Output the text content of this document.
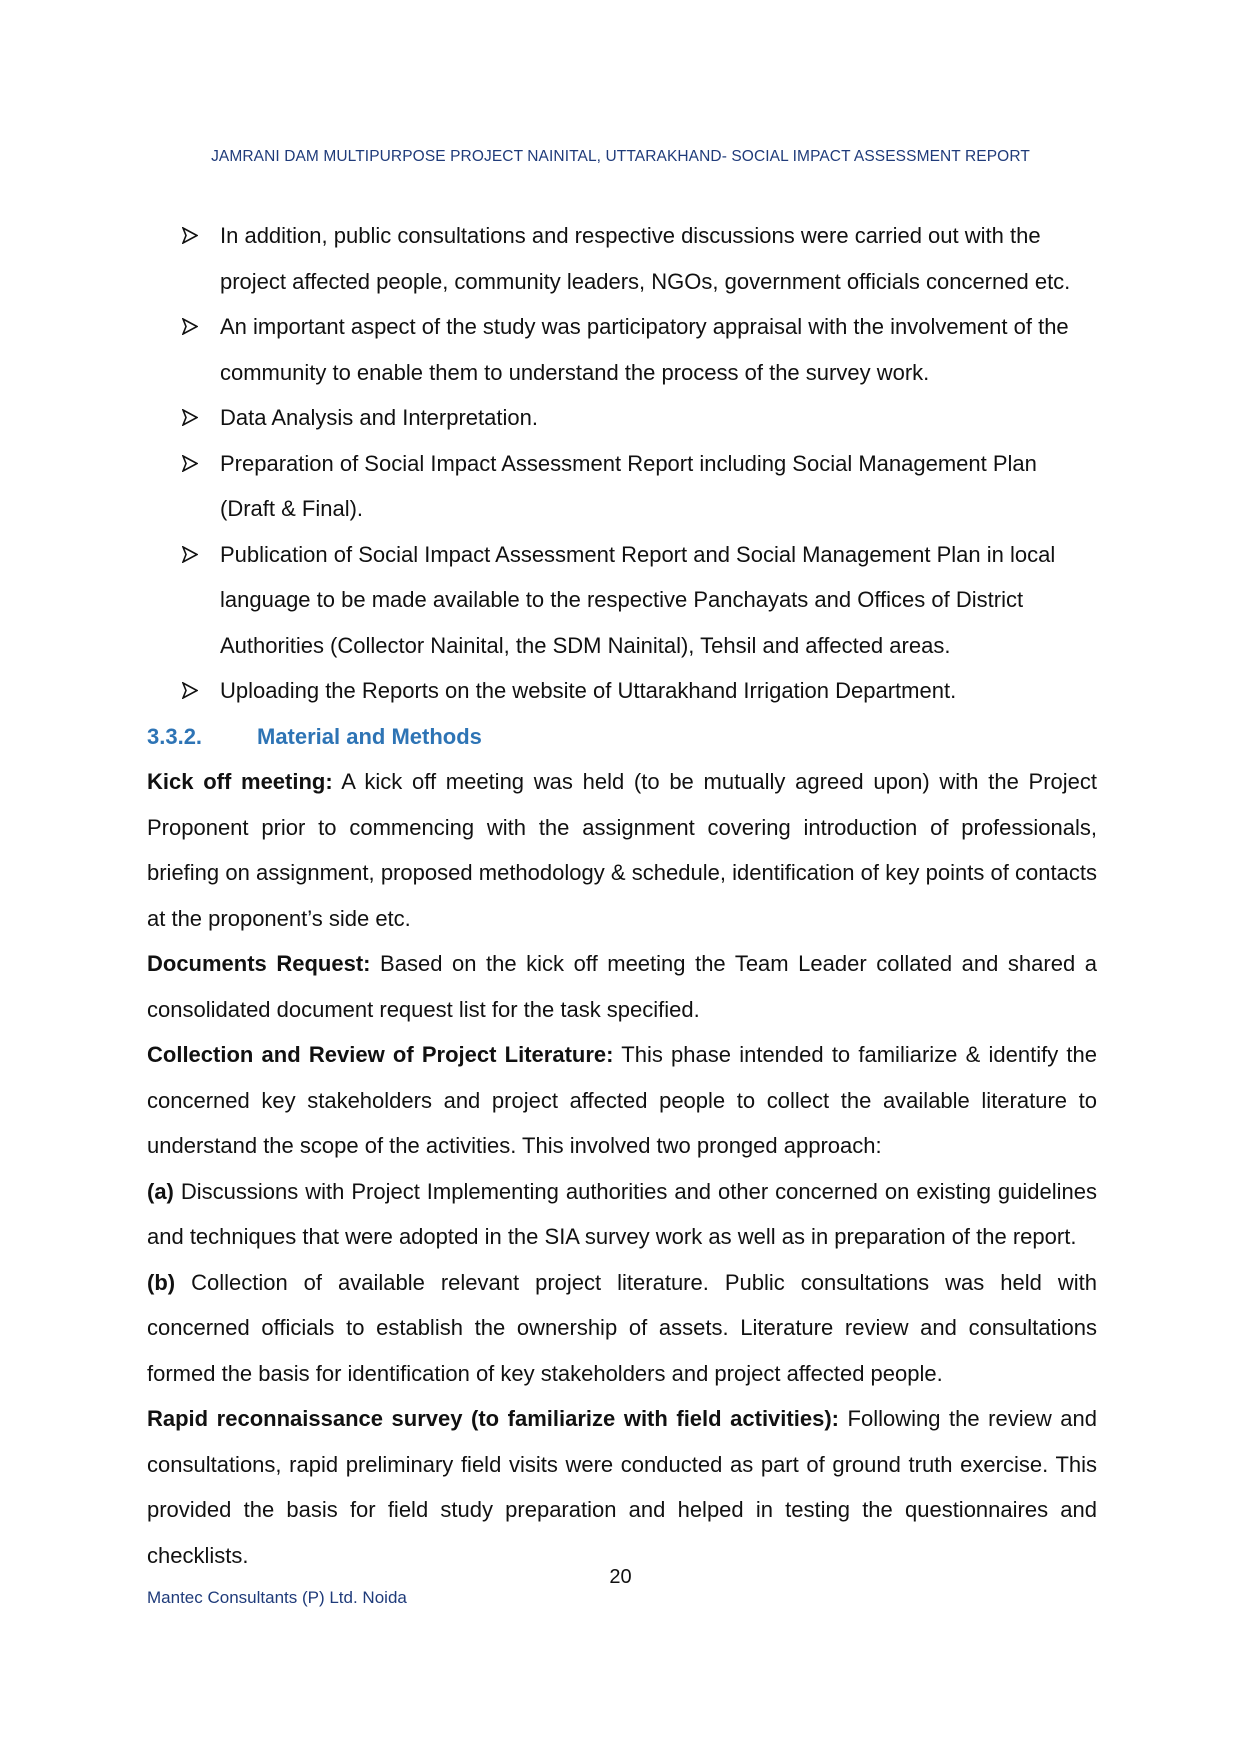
JAMRANI DAM MULTIPURPOSE PROJECT NAINITAL, UTTARAKHAND- SOCIAL IMPACT ASSESSMENT REPORT
In addition, public consultations and respective discussions were carried out with the project affected people, community leaders, NGOs, government officials concerned etc.
An important aspect of the study was participatory appraisal with the involvement of the community to enable them to understand the process of the survey work.
Data Analysis and Interpretation.
Preparation of Social Impact Assessment Report including Social Management Plan (Draft & Final).
Publication of Social Impact Assessment Report and Social Management Plan in local language to be made available to the respective Panchayats and Offices of District Authorities (Collector Nainital, the SDM Nainital), Tehsil and affected areas.
Uploading the Reports on the website of Uttarakhand Irrigation Department.
3.3.2.	Material and Methods

Kick off meeting: A kick off meeting was held (to be mutually agreed upon) with the Project Proponent prior to commencing with the assignment covering introduction of professionals, briefing on assignment, proposed methodology & schedule, identification of key points of contacts at the proponent’s side etc.

Documents Request: Based on the kick off meeting the Team Leader collated and shared a consolidated document request list for the task specified.

Collection and Review of Project Literature: This phase intended to familiarize & identify the concerned key stakeholders and project affected people to collect the available literature to understand the scope of the activities. This involved two pronged approach:

(a) Discussions with Project Implementing authorities and other concerned on existing guidelines and techniques that were adopted in the SIA survey work as well as in preparation of the report.

(b) Collection of available relevant project literature. Public consultations was held with concerned officials to establish the ownership of assets. Literature review and consultations formed the basis for identification of key stakeholders and project affected people.

Rapid reconnaissance survey (to familiarize with field activities): Following the review and consultations, rapid preliminary field visits were conducted as part of ground truth exercise. This provided the basis for field study preparation and helped in testing the questionnaires and checklists.

20
Mantec Consultants (P) Ltd. Noida
